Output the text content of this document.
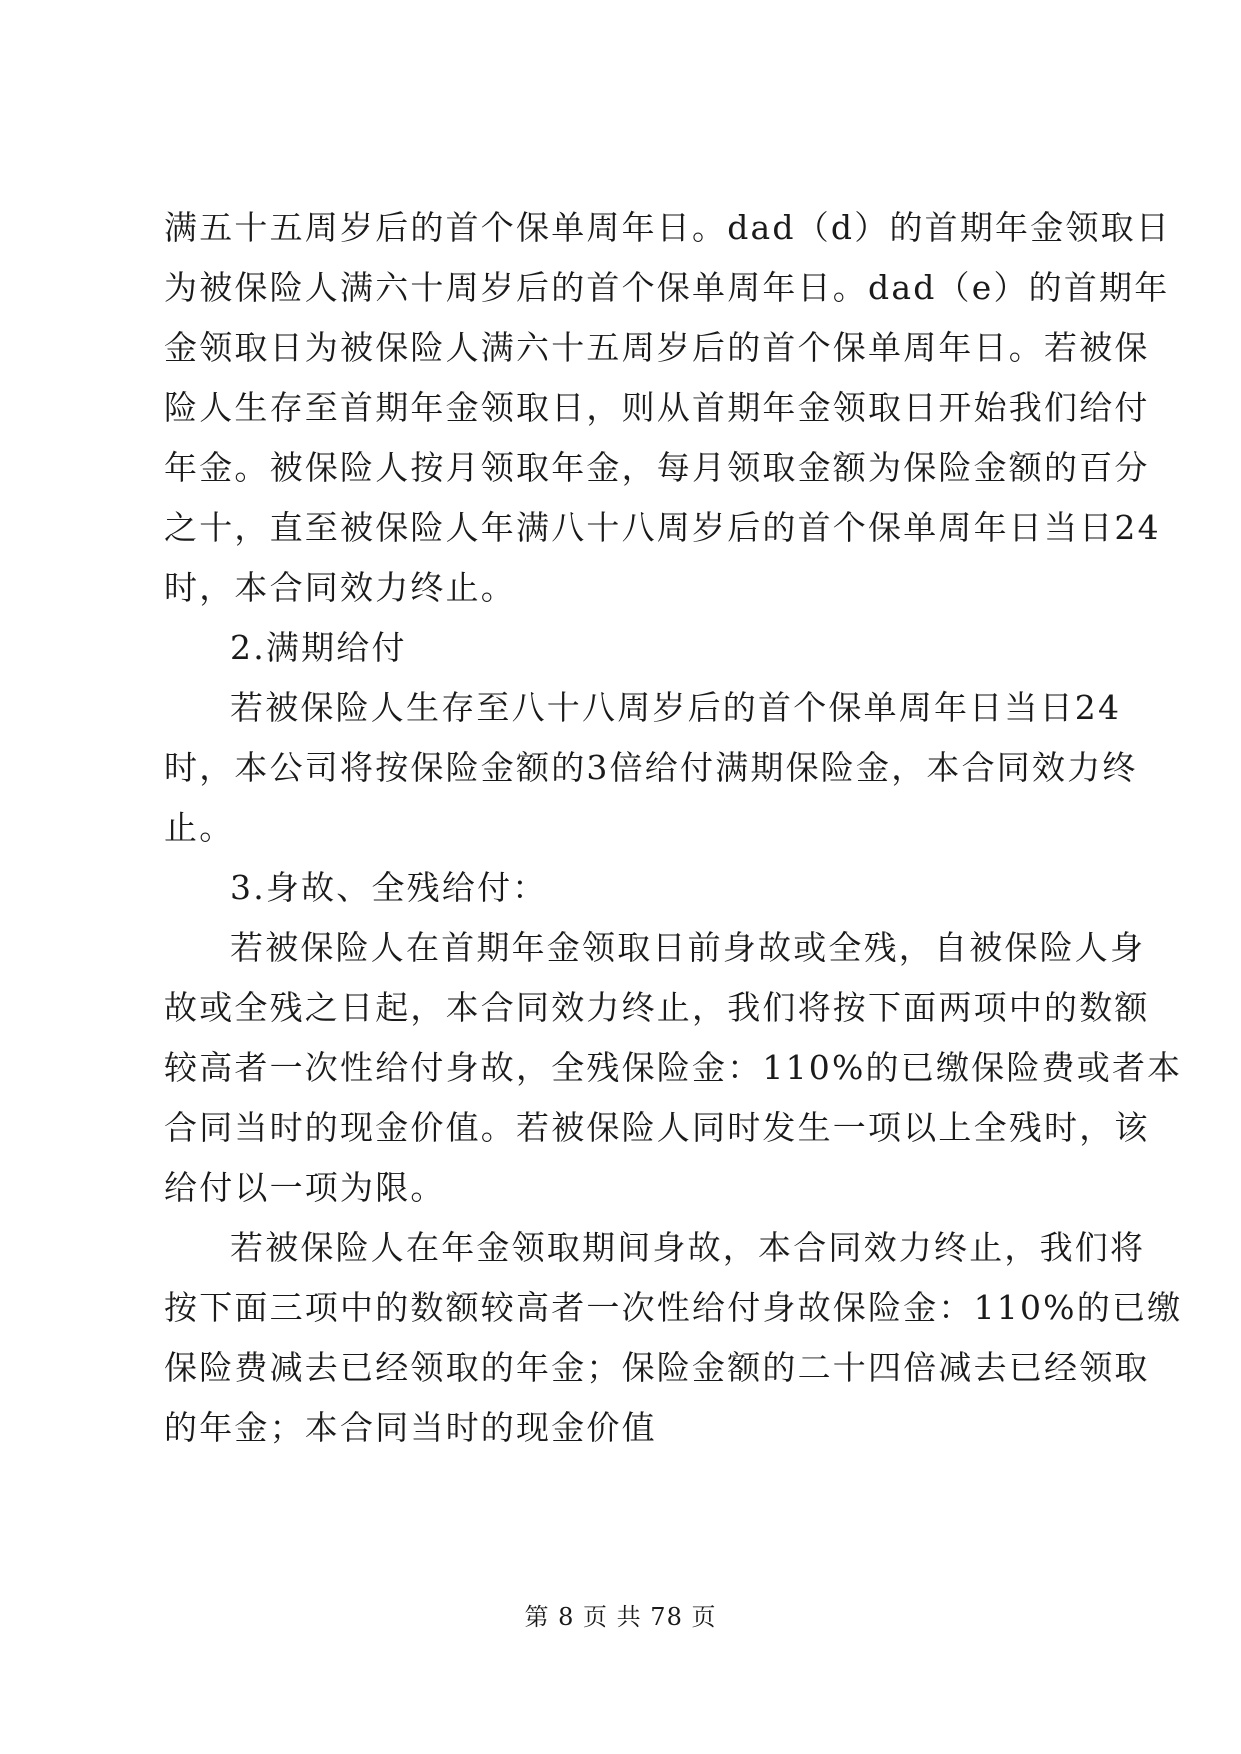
满五十五周岁后的首个保单周年日。dad（d）的首期年金领取日
为被保险人满六十周岁后的首个保单周年日。dad（e）的首期年
金领取日为被保险人满六十五周岁后的首个保单周年日。若被保
险人生存至首期年金领取日，则从首期年金领取日开始我们给付
年金。被保险人按月领取年金，每月领取金额为保险金额的百分
之十，直至被保险人年满八十八周岁后的首个保单周年日当日24
时，本合同效力终止。
2.满期给付
若被保险人生存至八十八周岁后的首个保单周年日当日24
时，本公司将按保险金额的3倍给付满期保险金，本合同效力终
止。
3.身故、全残给付：
若被保险人在首期年金领取日前身故或全残，自被保险人身
故或全残之日起，本合同效力终止，我们将按下面两项中的数额
较高者一次性给付身故，全残保险金：110%的已缴保险费或者本
合同当时的现金价值。若被保险人同时发生一项以上全残时，该
给付以一项为限。
若被保险人在年金领取期间身故，本合同效力终止，我们将
按下面三项中的数额较高者一次性给付身故保险金：110%的已缴
保险费减去已经领取的年金；保险金额的二十四倍减去已经领取
的年金；本合同当时的现金价值
第 8 页 共 78 页
